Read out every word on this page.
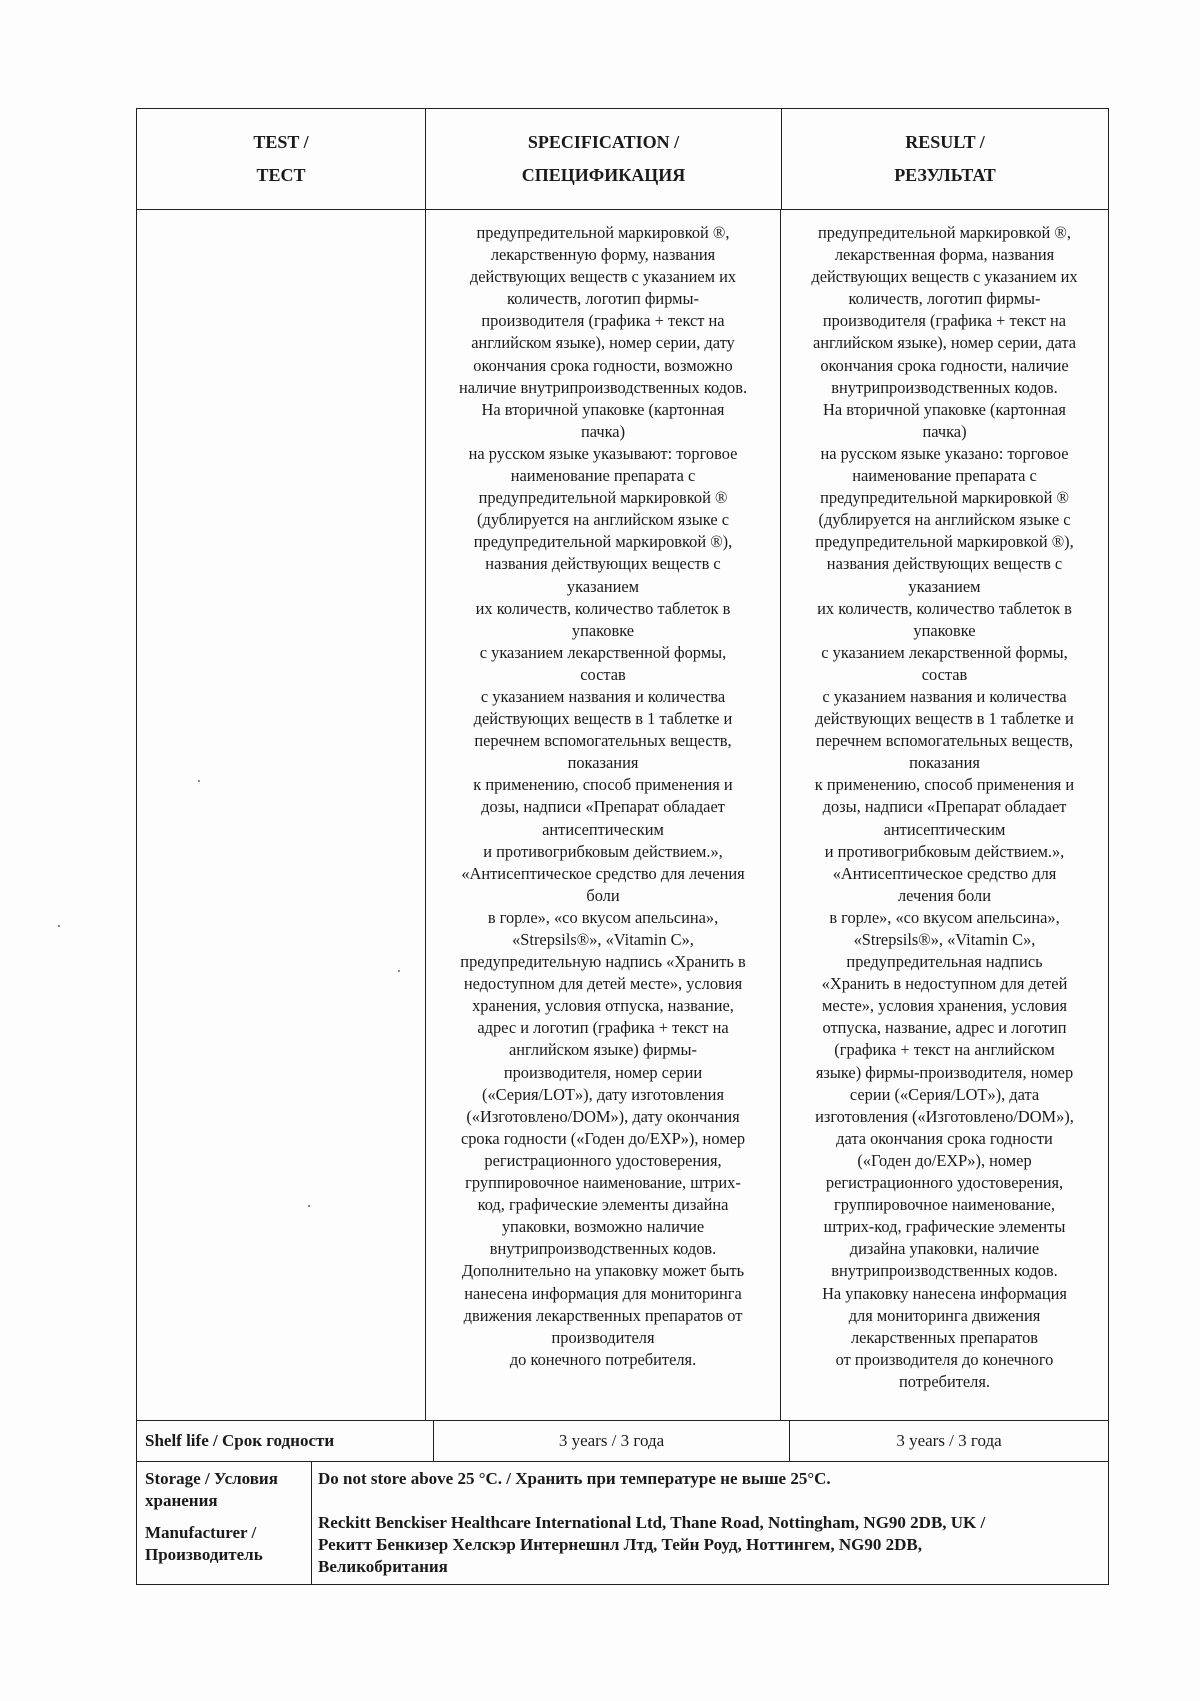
TEST /
ТЕСТ
SPECIFICATION /
СПЕЦИФИКАЦИЯ
RESULT /
РЕЗУЛЬТАТ

предупредительной маркировкой ®,

лекарственную форму, названия

действующих веществ с указанием их

количеств, логотип фирмы-

производителя (графика + текст на

английском языке), номер серии, дату

окончания срока годности, возможно

наличие внутрипроизводственных кодов.

На вторичной упаковке (картонная

пачка)

на русском языке указывают: торговое

наименование препарата с

предупредительной маркировкой ®

(дублируется на английском языке с

предупредительной маркировкой ®),

названия действующих веществ с

указанием

их количеств, количество таблеток в

упаковке

с указанием лекарственной формы,

состав

с указанием названия и количества

действующих веществ в 1 таблетке и

перечнем вспомогательных веществ,

показания

к применению, способ применения и

дозы, надписи «Препарат обладает

антисептическим

и противогрибковым действием.»,

«Антисептическое средство для лечения

боли

в горле», «со вкусом апельсина»,

«Strepsils®», «Vitamin C»,

предупредительную надпись «Хранить в

недоступном для детей месте», условия

хранения, условия отпуска, название,

адрес и логотип (графика + текст на

английском языке) фирмы-

производителя, номер серии

(«Серия/LOT»), дату изготовления

(«Изготовлено/DOM»), дату окончания

срока годности («Годен до/EXP»), номер

регистрационного удостоверения,

группировочное наименование, штрих-

код, графические элементы дизайна

упаковки, возможно наличие

внутрипроизводственных кодов.

Дополнительно на упаковку может быть

нанесена информация для мониторинга

движения лекарственных препаратов от

производителя

до конечного потребителя.

предупредительной маркировкой ®,

лекарственная форма, названия

действующих веществ с указанием их

количеств, логотип фирмы-

производителя (графика + текст на

английском языке), номер серии, дата

окончания срока годности, наличие

внутрипроизводственных кодов.

На вторичной упаковке (картонная

пачка)

на русском языке указано: торговое

наименование препарата с

предупредительной маркировкой ®

(дублируется на английском языке с

предупредительной маркировкой ®),

названия действующих веществ с

указанием

их количеств, количество таблеток в

упаковке

с указанием лекарственной формы,

состав

с указанием названия и количества

действующих веществ в 1 таблетке и

перечнем вспомогательных веществ,

показания

к применению, способ применения и

дозы, надписи «Препарат обладает

антисептическим

и противогрибковым действием.»,

«Антисептическое средство для

лечения боли

в горле», «со вкусом апельсина»,

«Strepsils®», «Vitamin C»,

предупредительная надпись

«Хранить в недоступном для детей

месте», условия хранения, условия

отпуска, название, адрес и логотип

(графика + текст на английском

языке) фирмы-производителя, номер

серии («Серия/LOT»), дата

изготовления («Изготовлено/DOM»),

дата окончания срока годности

(«Годен до/EXP»), номер

регистрационного удостоверения,

группировочное наименование,

штрих-код, графические элементы

дизайна упаковки, наличие

внутрипроизводственных кодов.

На упаковку нанесена информация

для мониторинга движения

лекарственных препаратов

от производителя до конечного

потребителя.

Shelf life / Срок годности	3 years / 3 года	3 years / 3 года
Storage / Условия
хранения
Manufacturer /
Производитель
Do not store above 25 °C. / Хранить при температуре не выше 25°C.
Reckitt Benckiser Healthcare International Ltd, Thane Road, Nottingham, NG90 2DB, UK /
Рекитт Бенкизер Хелскэр Интернешнл Лтд, Тейн Роуд, Ноттингем, NG90 2DB,
Великобритания
